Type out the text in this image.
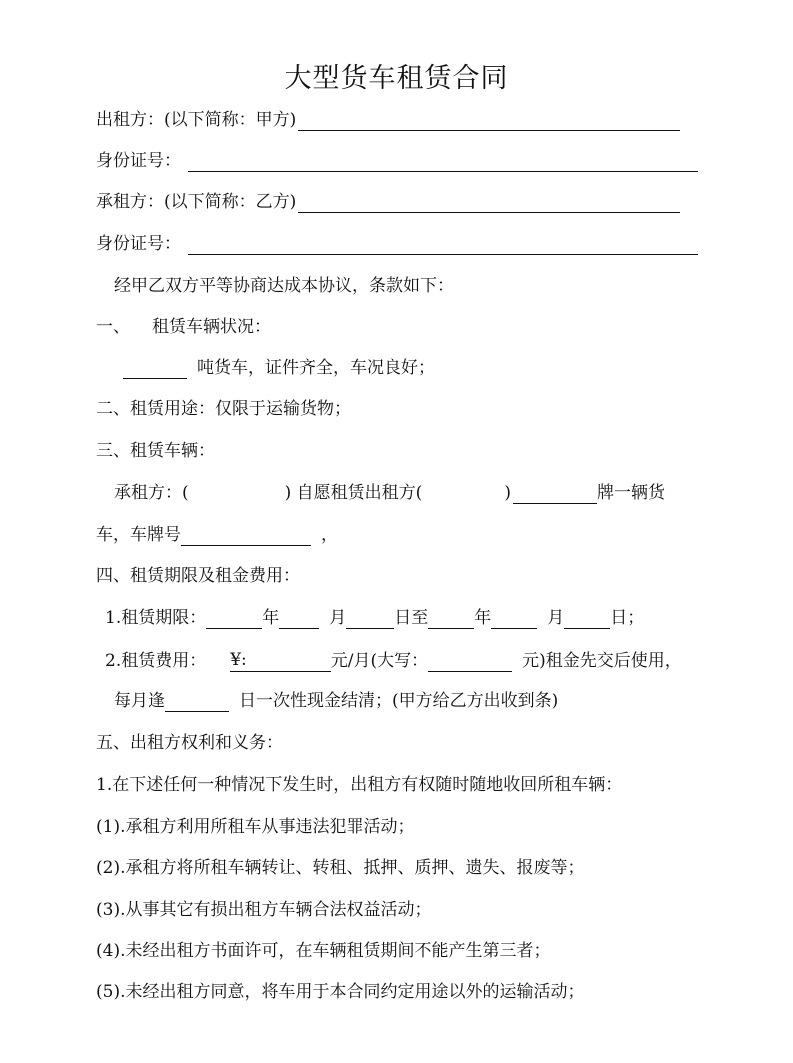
大型货车租赁合同
出租方：(以下简称：甲方)
身份证号：
承租方：(以下简称：乙方)
身份证号：
经甲乙双方平等协商达成本协议，条款如下：
一、 租赁车辆状况：
吨货车，证件齐全，车况良好；
二、租赁用途：仅限于运输货物；
三、租赁车辆：
承租方：(	) 自愿租赁出租方(	)	牌一辆货
车，车牌号	，
四、租赁期限及租金费用：
1.租赁期限：	年	月	日至	年	月	日；
2.租赁费用： ¥:	元/月(大写：	元)租金先交后使用，
每月逢	日一次性现金结清；(甲方给乙方出收到条)
五、出租方权利和义务：
1.在下述任何一种情况下发生时，出租方有权随时随地收回所租车辆：
(1).承租方利用所租车从事违法犯罪活动；
(2).承租方将所租车辆转让、转租、抵押、质押、遗失、报废等；
(3).从事其它有损出租方车辆合法权益活动；
(4).未经出租方书面许可，在车辆租赁期间不能产生第三者；
(5).未经出租方同意，将车用于本合同约定用途以外的运输活动；
